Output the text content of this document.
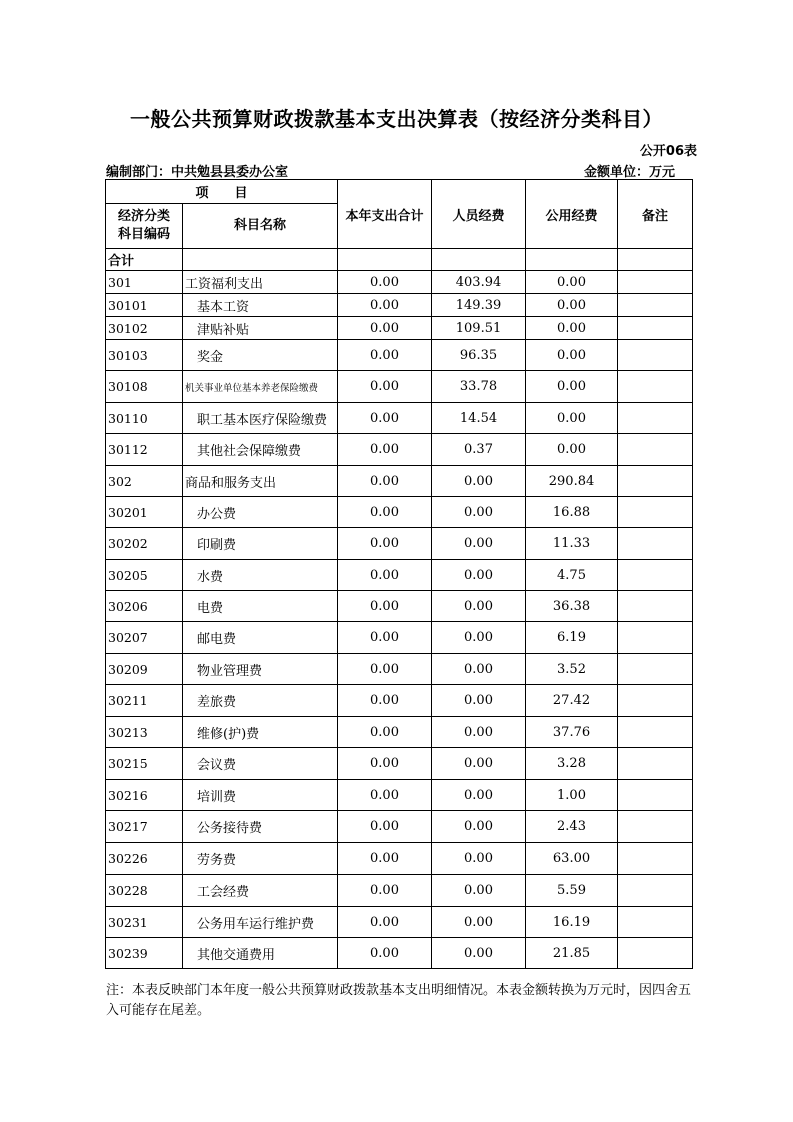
一般公共预算财政拨款基本支出决算表（按经济分类科目）
公开06表
编制部门：中共勉县县委办公室	金额单位：万元
项　　目		本年支出合计	人员经费	公用经费	备注
经济分类科目编码	科目名称				
合计					
301	工资福利支出	0.00	403.94	0.00	
30101	基本工资	0.00	149.39	0.00	
30102	津贴补贴	0.00	109.51	0.00	
30103	奖金	0.00	96.35	0.00	
30108	机关事业单位基本养老保险缴费	0.00	33.78	0.00	
30110	职工基本医疗保险缴费	0.00	14.54	0.00	
30112	其他社会保障缴费	0.00	0.37	0.00	
302	商品和服务支出	0.00	0.00	290.84	
30201	办公费	0.00	0.00	16.88	
30202	印刷费	0.00	0.00	11.33	
30205	水费	0.00	0.00	4.75	
30206	电费	0.00	0.00	36.38	
30207	邮电费	0.00	0.00	6.19	
30209	物业管理费	0.00	0.00	3.52	
30211	差旅费	0.00	0.00	27.42	
30213	维修(护)费	0.00	0.00	37.76	
30215	会议费	0.00	0.00	3.28	
30216	培训费	0.00	0.00	1.00	
30217	公务接待费	0.00	0.00	2.43	
30226	劳务费	0.00	0.00	63.00	
30228	工会经费	0.00	0.00	5.59	
30231	公务用车运行维护费	0.00	0.00	16.19	
30239	其他交通费用	0.00	0.00	21.85	
注：本表反映部门本年度一般公共预算财政拨款基本支出明细情况。本表金额转换为万元时，因四舍五入可能存在尾差。
